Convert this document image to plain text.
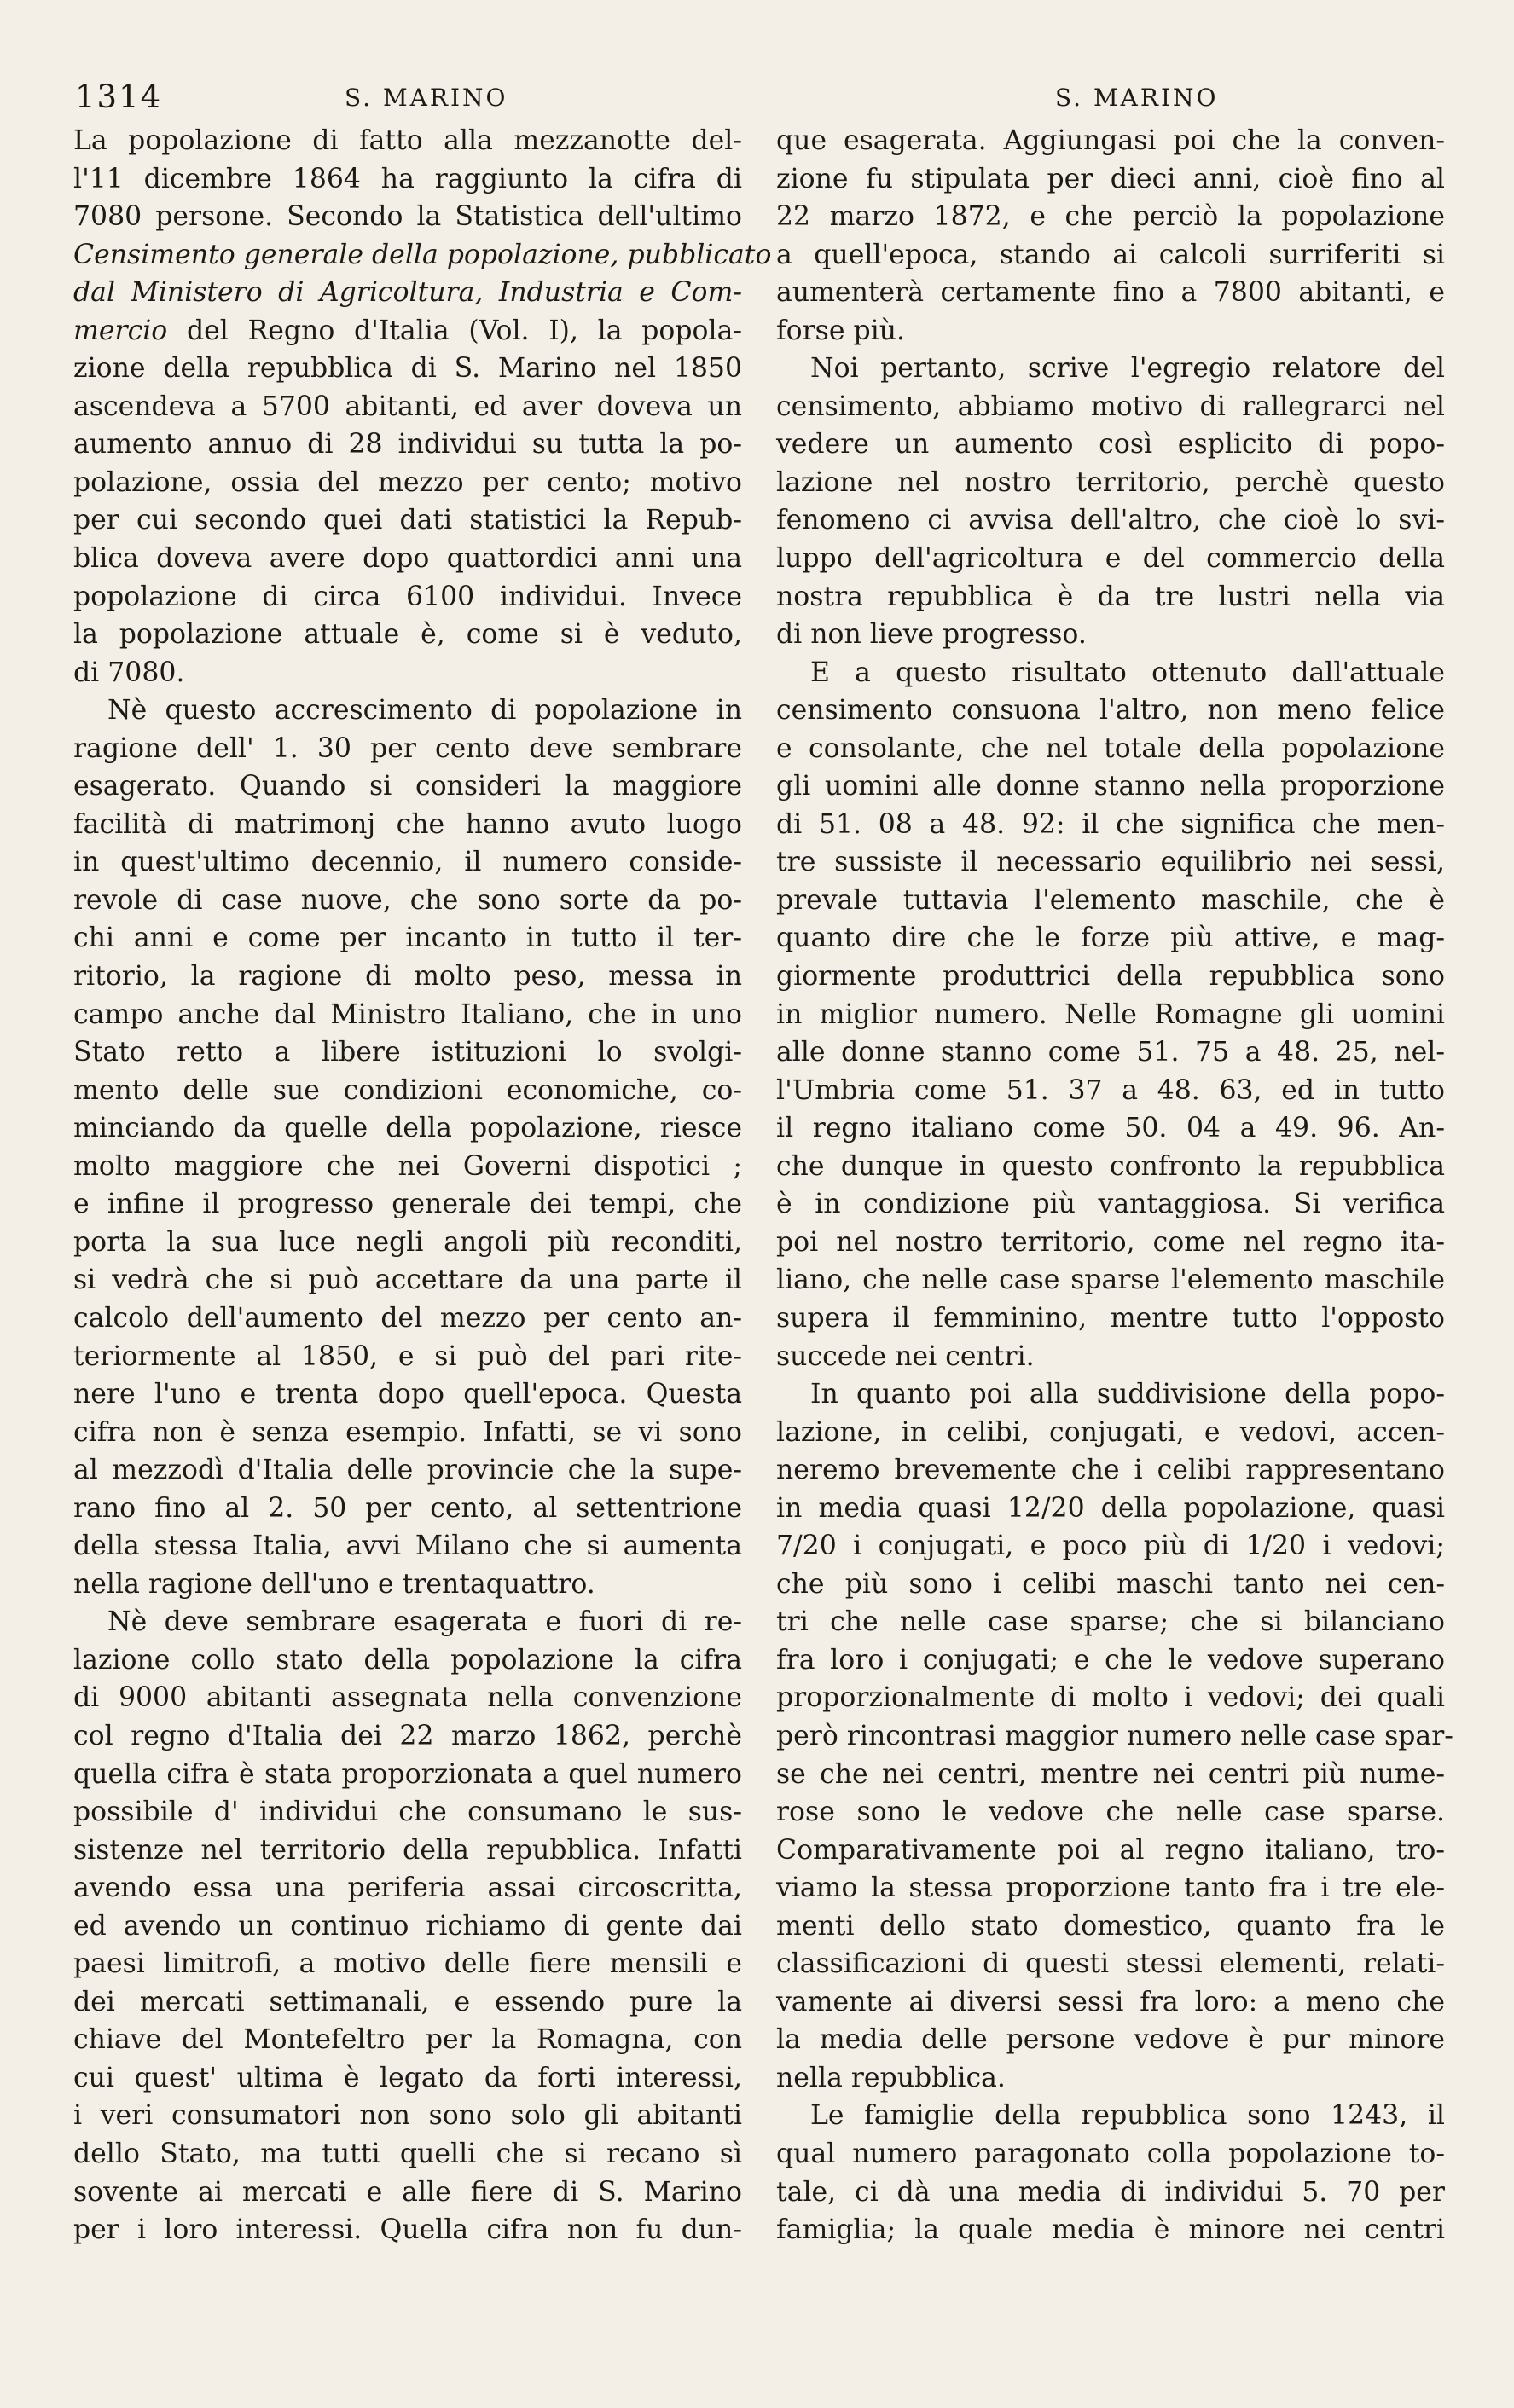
1314	S. MARINO	S. MARINO

La popolazione di fatto alla mezzanotte del-
l'11 dicembre 1864 ha raggiunto la cifra di
7080 persone. Secondo la Statistica dell'ultimo
Censimento generale della popolazione, pubblicato
dal Ministero di Agricoltura, Industria e Com-
mercio del Regno d'Italia (Vol. I), la popola-
zione della repubblica di S. Marino nel 1850
ascendeva a 5700 abitanti, ed aver doveva un
aumento annuo di 28 individui su tutta la po-
polazione, ossia del mezzo per cento; motivo
per cui secondo quei dati statistici la Repub-
blica doveva avere dopo quattordici anni una
popolazione di circa 6100 individui. Invece
la popolazione attuale è, come si è veduto,
di 7080.

Nè questo accrescimento di popolazione in
ragione dell' 1. 30 per cento deve sembrare
esagerato. Quando si consideri la maggiore
facilità di matrimonj che hanno avuto luogo
in quest'ultimo decennio, il numero conside-
revole di case nuove, che sono sorte da po-
chi anni e come per incanto in tutto il ter-
ritorio, la ragione di molto peso, messa in
campo anche dal Ministro Italiano, che in uno
Stato retto a libere istituzioni lo svolgi-
mento delle sue condizioni economiche, co-
minciando da quelle della popolazione, riesce
molto maggiore che nei Governi dispotici ;
e infine il progresso generale dei tempi, che
porta la sua luce negli angoli più reconditi,
si vedrà che si può accettare da una parte il
calcolo dell'aumento del mezzo per cento an-
teriormente al 1850, e si può del pari rite-
nere l'uno e trenta dopo quell'epoca. Questa
cifra non è senza esempio. Infatti, se vi sono
al mezzodì d'Italia delle provincie che la supe-
rano fino al 2. 50 per cento, al settentrione
della stessa Italia, avvi Milano che si aumenta
nella ragione dell'uno e trentaquattro.

Nè deve sembrare esagerata e fuori di re-
lazione collo stato della popolazione la cifra
di 9000 abitanti assegnata nella convenzione
col regno d'Italia dei 22 marzo 1862, perchè
quella cifra è stata proporzionata a quel numero
possibile d' individui che consumano le sus-
sistenze nel territorio della repubblica. Infatti
avendo essa una periferia assai circoscritta,
ed avendo un continuo richiamo di gente dai
paesi limitrofi, a motivo delle fiere mensili e
dei mercati settimanali, e essendo pure la
chiave del Montefeltro per la Romagna, con
cui quest' ultima è legato da forti interessi,
i veri consumatori non sono solo gli abitanti
dello Stato, ma tutti quelli che si recano sì
sovente ai mercati e alle fiere di S. Marino
per i loro interessi. Quella cifra non fu dun-

que esagerata. Aggiungasi poi che la conven-
zione fu stipulata per dieci anni, cioè fino al
22 marzo 1872, e che perciò la popolazione
a quell'epoca, stando ai calcoli surriferiti si
aumenterà certamente fino a 7800 abitanti, e
forse più.

Noi pertanto, scrive l'egregio relatore del
censimento, abbiamo motivo di rallegrarci nel
vedere un aumento così esplicito di popo-
lazione nel nostro territorio, perchè questo
fenomeno ci avvisa dell'altro, che cioè lo svi-
luppo dell'agricoltura e del commercio della
nostra repubblica è da tre lustri nella via
di non lieve progresso.

E a questo risultato ottenuto dall'attuale
censimento consuona l'altro, non meno felice
e consolante, che nel totale della popolazione
gli uomini alle donne stanno nella proporzione
di 51. 08 a 48. 92: il che significa che men-
tre sussiste il necessario equilibrio nei sessi,
prevale tuttavia l'elemento maschile, che è
quanto dire che le forze più attive, e mag-
giormente produttrici della repubblica sono
in miglior numero. Nelle Romagne gli uomini
alle donne stanno come 51. 75 a 48. 25, nel-
l'Umbria come 51. 37 a 48. 63, ed in tutto
il regno italiano come 50. 04 a 49. 96. An-
che dunque in questo confronto la repubblica
è in condizione più vantaggiosa. Si verifica
poi nel nostro territorio, come nel regno ita-
liano, che nelle case sparse l'elemento maschile
supera il femminino, mentre tutto l'opposto
succede nei centri.

In quanto poi alla suddivisione della popo-
lazione, in celibi, conjugati, e vedovi, accen-
neremo brevemente che i celibi rappresentano
in media quasi 12/20 della popolazione, quasi
7/20 i conjugati, e poco più di 1/20 i vedovi;
che più sono i celibi maschi tanto nei cen-
tri che nelle case sparse; che si bilanciano
fra loro i conjugati; e che le vedove superano
proporzionalmente di molto i vedovi; dei quali
però rincontrasi maggior numero nelle case spar-
se che nei centri, mentre nei centri più nume-
rose sono le vedove che nelle case sparse.
Comparativamente poi al regno italiano, tro-
viamo la stessa proporzione tanto fra i tre ele-
menti dello stato domestico, quanto fra le
classificazioni di questi stessi elementi, relati-
vamente ai diversi sessi fra loro: a meno che
la media delle persone vedove è pur minore
nella repubblica.

Le famiglie della repubblica sono 1243, il
qual numero paragonato colla popolazione to-
tale, ci dà una media di individui 5. 70 per
famiglia; la quale media è minore nei centri
